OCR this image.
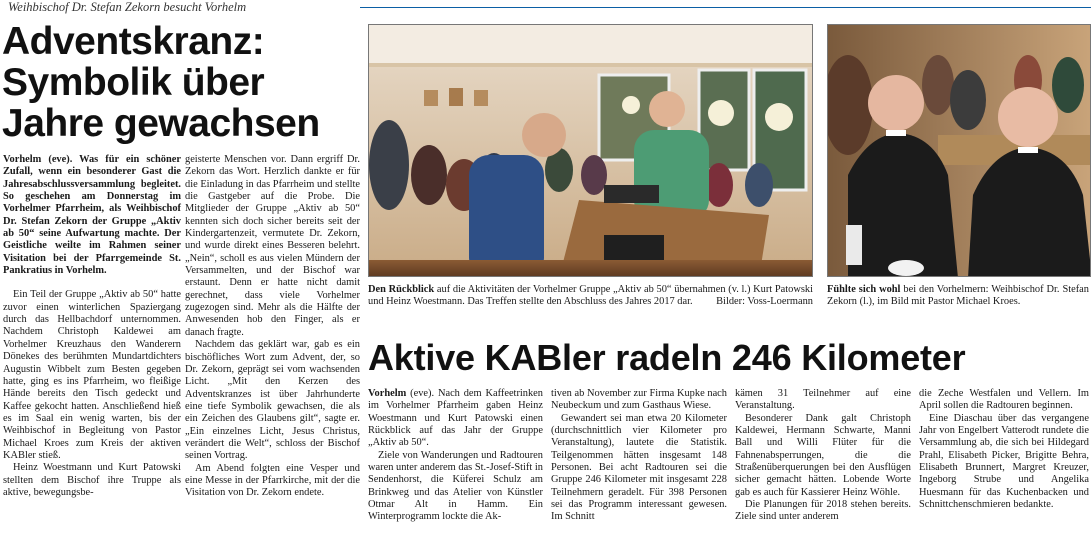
Weihbischof Dr. Stefan Zekorn besucht Vorhelm
Adventskranz:
Symbolik über
Jahre gewachsen

Vorhelm (eve). Was für ein schöner Zufall, wenn ein besonderer Gast die Jahresabschlussversammlung begleitet. So geschehen am Donnerstag im Vorhelmer Pfarrheim, als Weihbischof Dr. Stefan Zekorn der Gruppe „Aktiv ab 50“ seine Aufwartung machte. Der Geistliche weilte im Rahmen seiner Visitation bei der Pfarrgemeinde St. Pankratius in Vorhelm.

Ein Teil der Gruppe „Aktiv ab 50“ hatte zuvor einen winterlichen Spaziergang durch das Hellbachdorf unternommen. Nachdem Christoph Kaldewei am Vorhelmer Kreuzhaus den Wanderern Dönekes des berühmten Mundartdichters Augustin Wibbelt zum Besten gegeben hatte, ging es ins Pfarrheim, wo fleißige Hände bereits den Tisch gedeckt und Kaffee gekocht hatten. Anschließend hieß es im Saal ein wenig warten, bis der Weihbischof in Begleitung von Pastor Michael Kroes zum Kreis der aktiven KABler stieß.

Heinz Woestmann und Kurt Patowski stellten dem Bischof ihre Truppe als aktive, bewegungsbe-

geisterte Menschen vor. Dann ergriff Dr. Zekorn das Wort. Herzlich dankte er für die Einladung in das Pfarrheim und stellte die Gastgeber auf die Probe. Die Mitglieder der Gruppe „Aktiv ab 50“ kennten sich doch sicher bereits seit der Kindergartenzeit, vermutete Dr. Zekorn, und wurde direkt eines Besseren belehrt. „Nein“, scholl es aus vielen Mündern der Versammelten, und der Bischof war erstaunt. Denn er hatte nicht damit gerechnet, dass viele Vorhelmer zugezogen sind. Mehr als die Hälfte der Anwesenden hob den Finger, als er danach fragte.

Nachdem das geklärt war, gab es ein bischöfliches Wort zum Advent, der, so Dr. Zekorn, geprägt sei vom wachsenden Licht. „Mit den Kerzen des Adventskranzes ist über Jahrhunderte eine tiefe Symbolik gewachsen, die als ein Zeichen des Glaubens gilt“, sagte er. „Ein einzelnes Licht, Jesus Christus, verändert die Welt“, schloss der Bischof seinen Vortrag.

Am Abend folgten eine Vesper und eine Messe in der Pfarrkirche, mit der die Visitation von Dr. Zekorn endete.

Den Rückblick auf die Aktivitäten der Vorhelmer Gruppe „Aktiv ab 50“ übernahmen (v. l.) Kurt Patowski und Heinz Woestmann. Das Treffen stellte den Abschluss des Jahres 2017 dar.	Bilder: Voss-Loermann
Fühlte sich wohl bei den Vorhelmern: Weihbischof Dr. Stefan Zekorn (l.), im Bild mit Pastor Michael Kroes.
Aktive KABler radeln 246 Kilometer

Vorhelm (eve). Nach dem Kaffeetrinken im Vorhelmer Pfarrheim gaben Heinz Woestmann und Kurt Patowski einen Rückblick auf das Jahr der Gruppe „Aktiv ab 50“.

Ziele von Wanderungen und Radtouren waren unter anderem das St.-Josef-Stift in Sendenhorst, die Küferei Schulz am Brinkweg und das Atelier von Künstler Otmar Alt in Hamm. Ein Winterprogramm lockte die Ak-

tiven ab November zur Firma Kupke nach Neubeckum und zum Gasthaus Wiese.

Gewandert sei man etwa 20 Kilometer (durchschnittlich vier Kilometer pro Veranstaltung), lautete die Statistik. Teilgenommen hätten insgesamt 148 Personen. Bei acht Radtouren sei die Gruppe 246 Kilometer mit insgesamt 228 Teilnehmern geradelt. Für 398 Personen sei das Programm interessant gewesen. Im Schnitt

kämen 31 Teilnehmer auf eine Veranstaltung.

Besonderer Dank galt Christoph Kaldewei, Hermann Schwarte, Manni Ball und Willi Flüter für die Fahnenabsperrungen, die die Straßenüberquerungen bei den Ausflügen sicher gemacht hätten. Lobende Worte gab es auch für Kassierer Heinz Wöhle.

Die Planungen für 2018 stehen bereits. Ziele sind unter anderem

die Zeche Westfalen und Vellern. Im April sollen die Radtouren beginnen.

Eine Diaschau über das vergangene Jahr von Engelbert Vatterodt rundete die Versammlung ab, die sich bei Hildegard Prahl, Elisabeth Picker, Brigitte Behra, Elisabeth Brunnert, Margret Kreuzer, Ingeborg Strube und Angelika Huesmann für das Kuchenbacken und Schnittchenschmieren bedankte.
